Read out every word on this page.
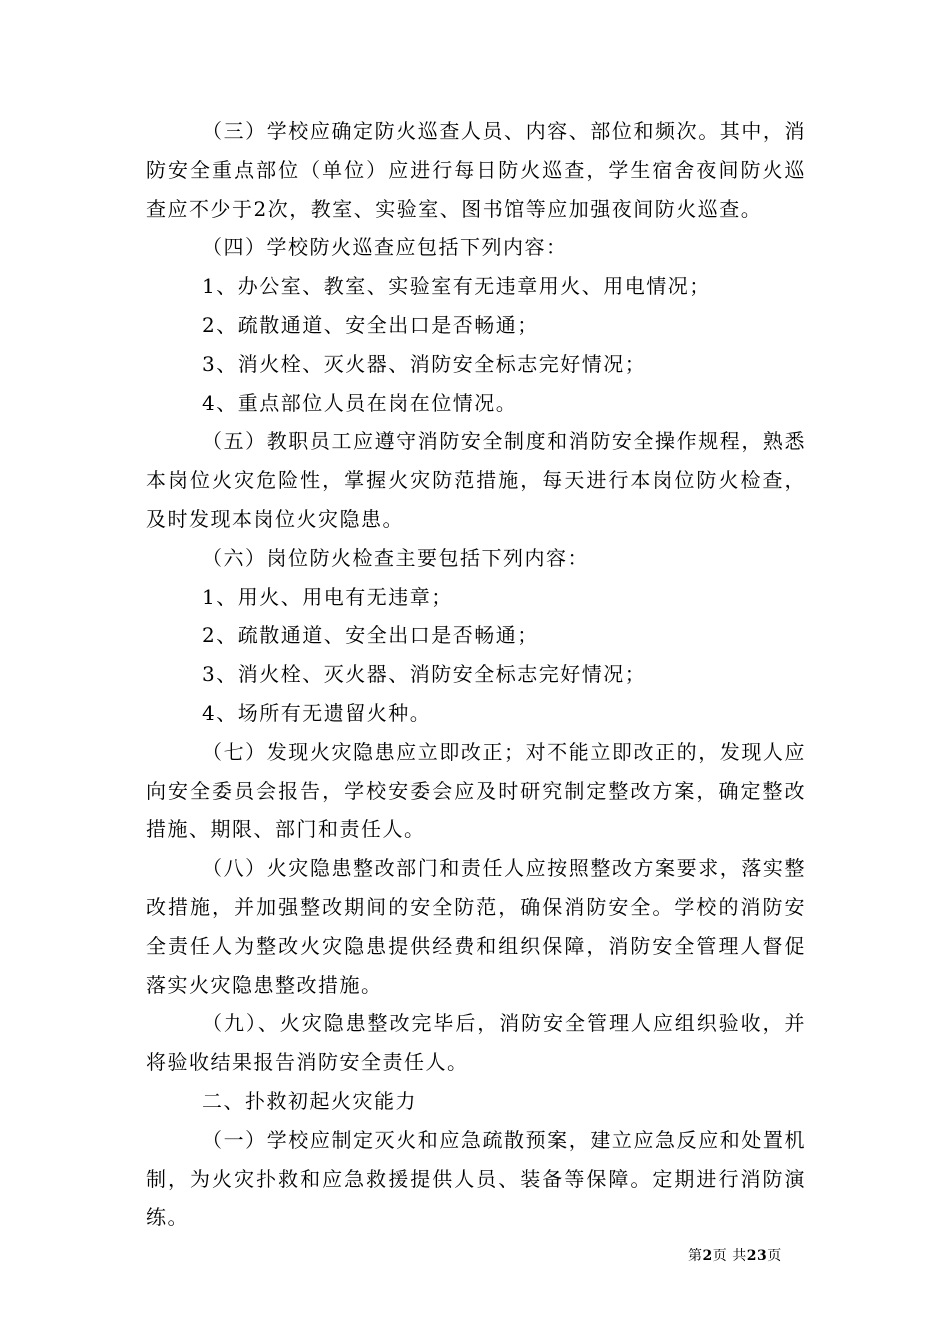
（三）学校应确定防火巡查人员、内容、部位和频次。其中，消防安全重点部位（单位）应进行每日防火巡查，学生宿舍夜间防火巡查应不少于2次，教室、实验室、图书馆等应加强夜间防火巡查。

（四）学校防火巡查应包括下列内容：

1、办公室、教室、实验室有无违章用火、用电情况；

2、疏散通道、安全出口是否畅通；

3、消火栓、灭火器、消防安全标志完好情况；

4、重点部位人员在岗在位情况。

（五）教职员工应遵守消防安全制度和消防安全操作规程，熟悉本岗位火灾危险性，掌握火灾防范措施，每天进行本岗位防火检查，及时发现本岗位火灾隐患。

（六）岗位防火检查主要包括下列内容：

1、用火、用电有无违章；

2、疏散通道、安全出口是否畅通；

3、消火栓、灭火器、消防安全标志完好情况；

4、场所有无遗留火种。

（七）发现火灾隐患应立即改正；对不能立即改正的，发现人应向安全委员会报告，学校安委会应及时研究制定整改方案，确定整改措施、期限、部门和责任人。

（八）火灾隐患整改部门和责任人应按照整改方案要求，落实整改措施，并加强整改期间的安全防范，确保消防安全。学校的消防安全责任人为整改火灾隐患提供经费和组织保障，消防安全管理人督促落实火灾隐患整改措施。

（九）、火灾隐患整改完毕后，消防安全管理人应组织验收，并将验收结果报告消防安全责任人。

二、扑救初起火灾能力

（一）学校应制定灭火和应急疏散预案，建立应急反应和处置机制，为火灾扑救和应急救援提供人员、装备等保障。定期进行消防演练。

第2页 共23页
